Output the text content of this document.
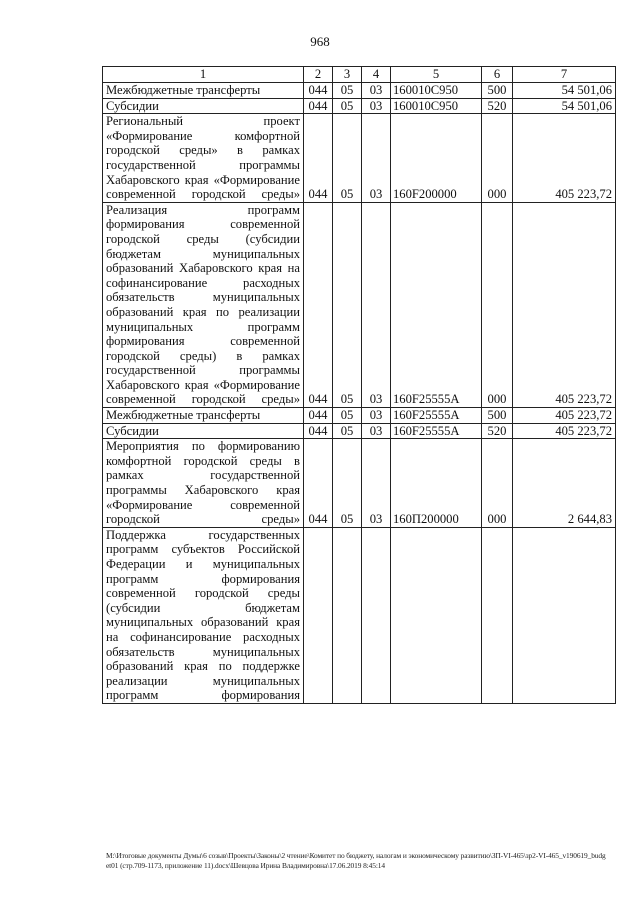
968
1	2	3	4	5	6	7
Межбюджетные трансферты	044	05	03	160010С950	500	54 501,06
Субсидии	044	05	03	160010С950	520	54 501,06
Региональный проект «Формирование комфортной городской среды» в рамках государственной программы Хабаровского края «Формирование современной городской среды»	044	05	03	160F200000	000	405 223,72
Реализация программ формирования современной городской среды (субсидии бюджетам муниципальных образований Хабаровского края на софинансирование расходных обязательств муниципальных образований края по реализации муниципальных программ формирования современной городской среды) в рамках государственной программы Хабаровского края «Формирование современной городской среды»	044	05	03	160F25555А	000	405 223,72
Межбюджетные трансферты	044	05	03	160F25555А	500	405 223,72
Субсидии	044	05	03	160F25555А	520	405 223,72
Мероприятия по формированию комфортной городской среды в рамках государственной программы Хабаровского края «Формирование современной городской среды»	044	05	03	160П200000	000	2 644,83
Поддержка государственных программ субъектов Российской Федерации и муниципальных программ формирования современной городской среды (субсидии бюджетам муниципальных образований края на софинансирование расходных обязательств муниципальных образований края по поддержке реализации муниципальных программ формирования						
M:\Итоговые документы Думы\6 созыв\Проекты\Законы\2 чтение\Комитет по бюджету, налогам и экономическому развитию\ЗП-VI-465\зр2-VI-465_v190619_budget01 (стр.709-1173, приложение 11).docx\Шевцова Ирина Владимировна\17.06.2019 8:45:14
